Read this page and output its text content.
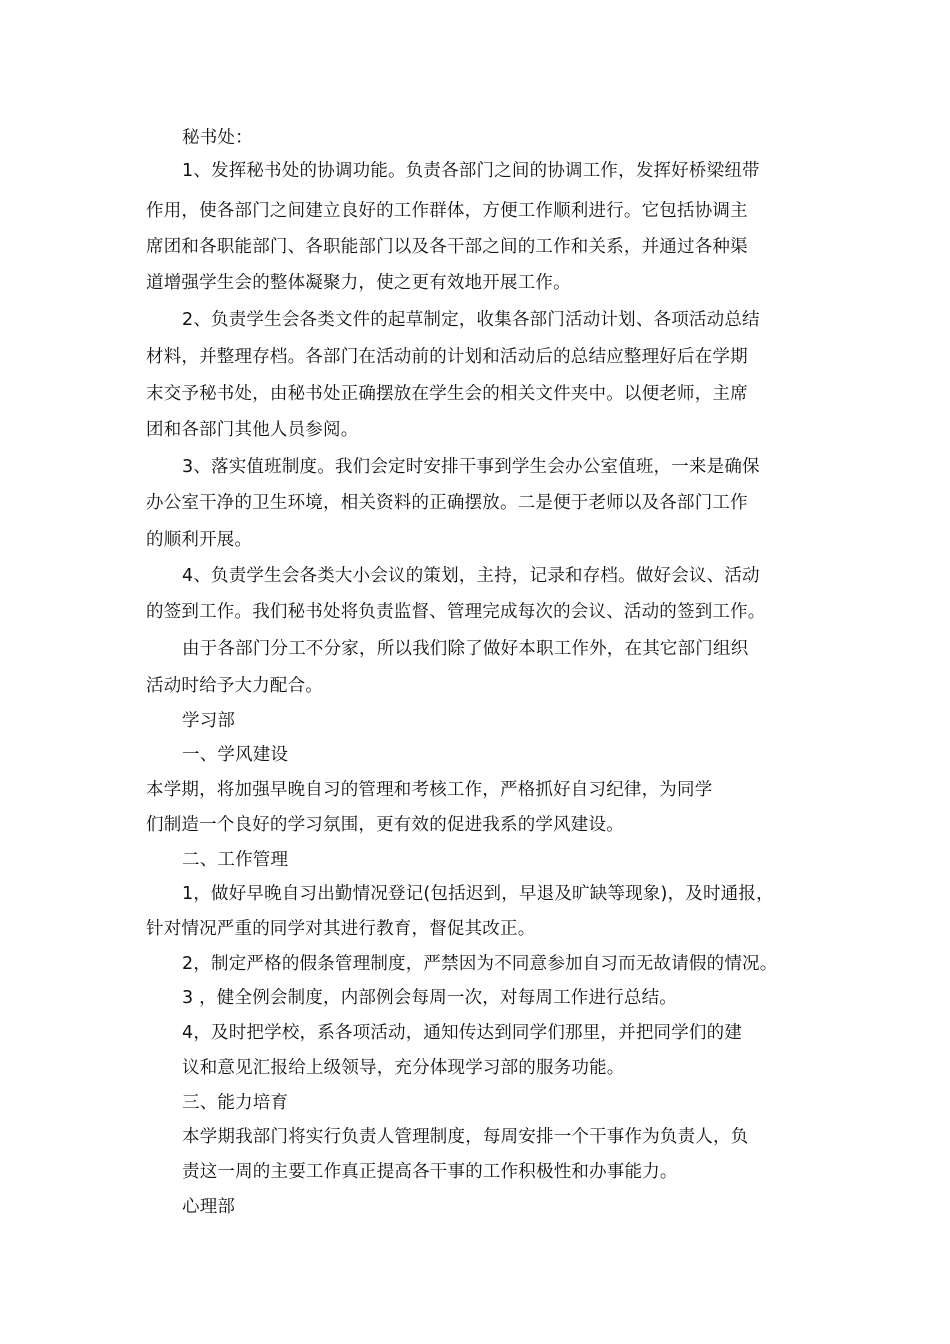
秘书处：
1、发挥秘书处的协调功能。负责各部门之间的协调工作，发挥好桥梁纽带
作用，使各部门之间建立良好的工作群体，方便工作顺利进行。它包括协调主
席团和各职能部门、各职能部门以及各干部之间的工作和关系，并通过各种渠
道增强学生会的整体凝聚力，使之更有效地开展工作。
2、负责学生会各类文件的起草制定，收集各部门活动计划、各项活动总结
材料，并整理存档。各部门在活动前的计划和活动后的总结应整理好后在学期
末交予秘书处，由秘书处正确摆放在学生会的相关文件夹中。以便老师，主席
团和各部门其他人员参阅。
3、落实值班制度。我们会定时安排干事到学生会办公室值班，一来是确保
办公室干净的卫生环境，相关资料的正确摆放。二是便于老师以及各部门工作
的顺利开展。
4、负责学生会各类大小会议的策划，主持，记录和存档。做好会议、活动
的签到工作。我们秘书处将负责监督、管理完成每次的会议、活动的签到工作。
由于各部门分工不分家，所以我们除了做好本职工作外，在其它部门组织
活动时给予大力配合。
学习部
一、学风建设
本学期，将加强早晚自习的管理和考核工作，严格抓好自习纪律，为同学
们制造一个良好的学习氛围，更有效的促进我系的学风建设。
二、工作管理
1，做好早晚自习出勤情况登记(包括迟到，早退及旷缺等现象)，及时通报，
针对情况严重的同学对其进行教育，督促其改正。
2，制定严格的假条管理制度，严禁因为不同意参加自习而无故请假的情况。
3 ，健全例会制度，内部例会每周一次，对每周工作进行总结。
4，及时把学校，系各项活动，通知传达到同学们那里，并把同学们的建
议和意见汇报给上级领导，充分体现学习部的服务功能。
三、能力培育
本学期我部门将实行负责人管理制度，每周安排一个干事作为负责人，负
责这一周的主要工作真正提高各干事的工作积极性和办事能力。
心理部
